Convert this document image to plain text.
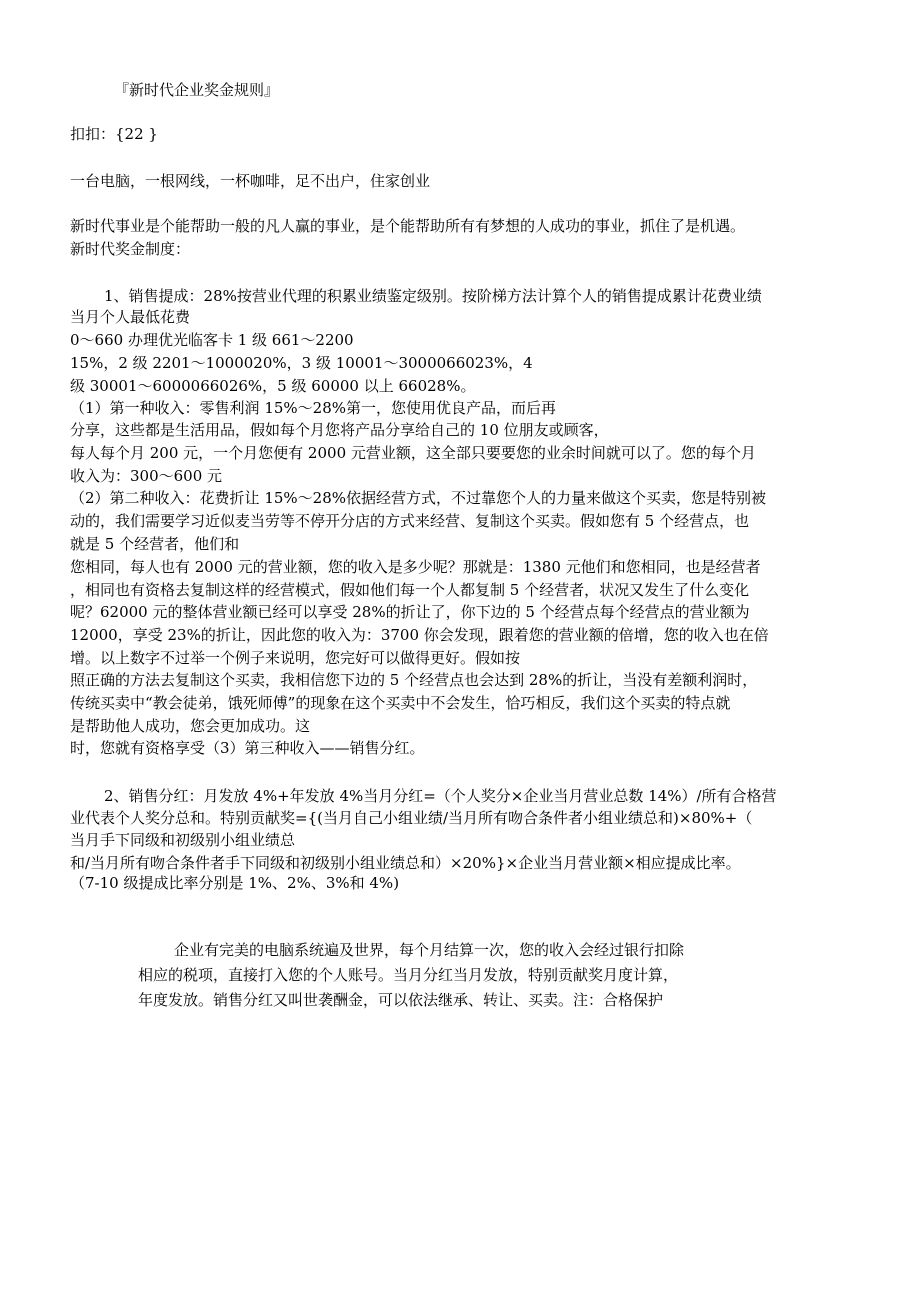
『新时代企业奖金规则』
扣扣：{22 }
一台电脑，一根网线，一杯咖啡，足不出户，住家创业
新时代事业是个能帮助一般的凡人赢的事业，是个能帮助所有有梦想的人成功的事业，抓住了是机遇。
新时代奖金制度：
1、销售提成：28%按营业代理的积累业绩鉴定级别。按阶梯方法计算个人的销售提成累计花费业绩
当月个人最低花费
0～660 办理优光临客卡 1 级 661～2200
15%，2 级 2201～1000020%，3 级 10001～3000066023%，4
级 30001～6000066026%，5 级 60000 以上 66028%。
（1）第一种收入：零售利润 15%～28%第一，您使用优良产品，而后再
分享，这些都是生活用品，假如每个月您将产品分享给自己的 10 位朋友或顾客，
每人每个月 200 元，一个月您便有 2000 元营业额，这全部只要要您的业余时间就可以了。您的每个月
收入为：300～600 元
（2）第二种收入：花费折让 15%～28%依据经营方式，不过靠您个人的力量来做这个买卖，您是特别被
动的，我们需要学习近似麦当劳等不停开分店的方式来经营、复制这个买卖。假如您有 5 个经营点，也
就是 5 个经营者，他们和
您相同，每人也有 2000 元的营业额，您的收入是多少呢？那就是：1380 元他们和您相同，也是经营者
，相同也有资格去复制这样的经营模式，假如他们每一个人都复制 5 个经营者，状况又发生了什么变化
呢？62000 元的整体营业额已经可以享受 28%的折让了，你下边的 5 个经营点每个经营点的营业额为
12000，享受 23%的折让，因此您的收入为：3700 你会发现，跟着您的营业额的倍增，您的收入也在倍
增。以上数字不过举一个例子来说明，您完好可以做得更好。假如按
照正确的方法去复制这个买卖，我相信您下边的 5 个经营点也会达到 28%的折让，当没有差额利润时，
传统买卖中“教会徒弟，饿死师傅”的现象在这个买卖中不会发生，恰巧相反，我们这个买卖的特点就
是帮助他人成功，您会更加成功。这
时，您就有资格享受（3）第三种收入——销售分红。
2、销售分红：月发放 4%+年发放 4%当月分红=（个人奖分×企业当月营业总数 14%）/所有合格营
业代表个人奖分总和。特别贡献奖={(当月自己小组业绩/当月所有吻合条件者小组业绩总和)×80%+（
当月手下同级和初级别小组业绩总
和/当月所有吻合条件者手下同级和初级别小组业绩总和）×20%}×企业当月营业额×相应提成比率。
（7-10 级提成比率分别是 1%、2%、3%和 4%)
企业有完美的电脑系统遍及世界，每个月结算一次，您的收入会经过银行扣除
相应的税项，直接打入您的个人账号。当月分红当月发放，特别贡献奖月度计算，
年度发放。销售分红又叫世袭酬金，可以依法继承、转让、买卖。注：合格保护
